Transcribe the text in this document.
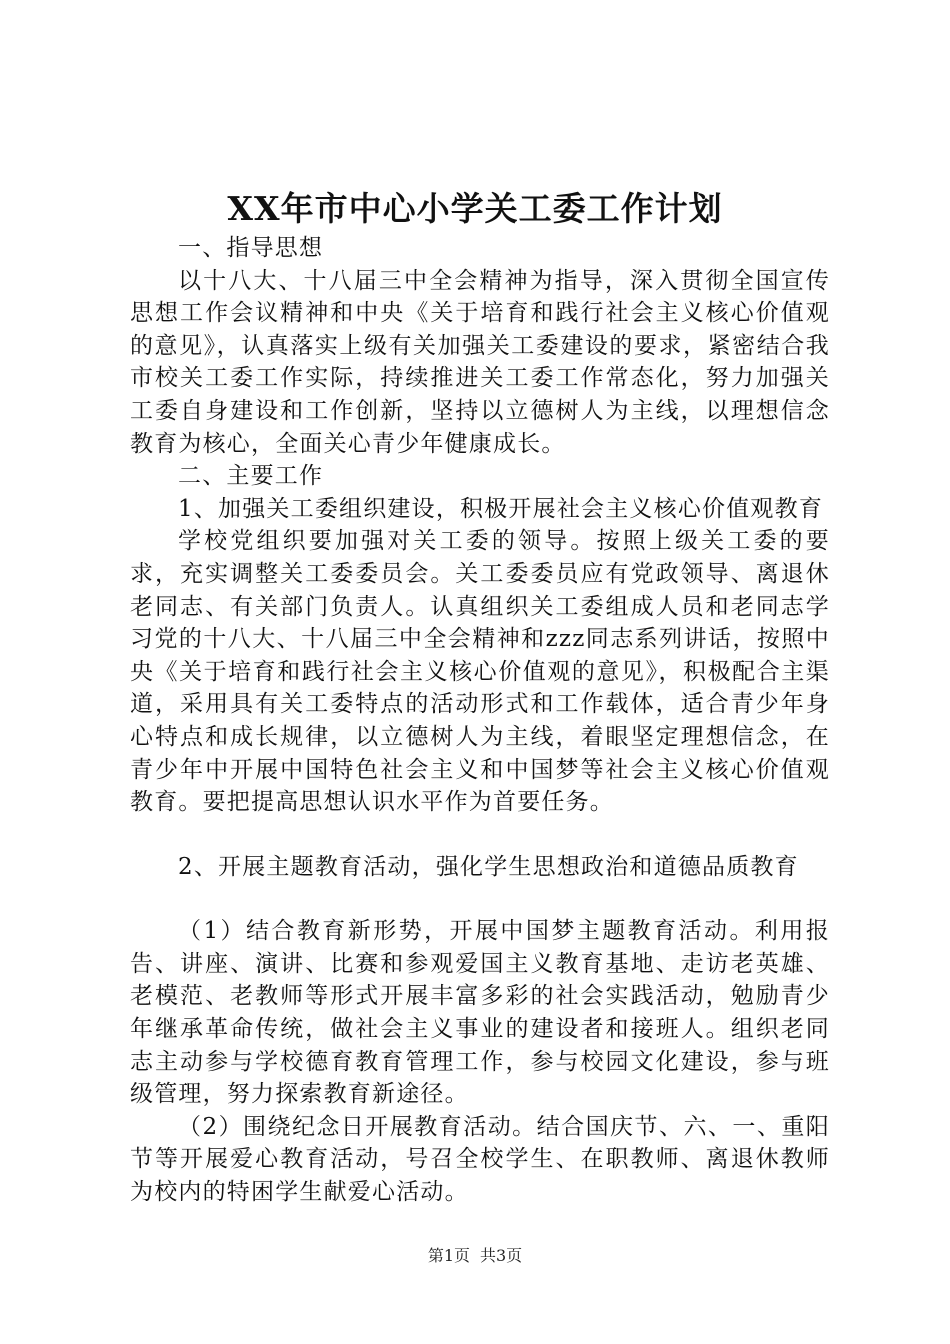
XX年市中心小学关工委工作计划

一、指导思想

以十八大、十八届三中全会精神为指导，深入贯彻全国宣传思想工作会议精神和中央《关于培育和践行社会主义核心价值观的意见》，认真落实上级有关加强关工委建设的要求，紧密结合我市校关工委工作实际，持续推进关工委工作常态化，努力加强关工委自身建设和工作创新，坚持以立德树人为主线，以理想信念教育为核心，全面关心青少年健康成长。

二、主要工作

1、加强关工委组织建设，积极开展社会主义核心价值观教育

学校党组织要加强对关工委的领导。按照上级关工委的要求，充实调整关工委委员会。关工委委员应有党政领导、离退休老同志、有关部门负责人。认真组织关工委组成人员和老同志学习党的十八大、十八届三中全会精神和zzz同志系列讲话，按照中央《关于培育和践行社会主义核心价值观的意见》，积极配合主渠道，采用具有关工委特点的活动形式和工作载体，适合青少年身心特点和成长规律，以立德树人为主线，着眼坚定理想信念，在青少年中开展中国特色社会主义和中国梦等社会主义核心价值观教育。要把提高思想认识水平作为首要任务。

2、开展主题教育活动，强化学生思想政治和道德品质教育

（1）结合教育新形势，开展中国梦主题教育活动。利用报告、讲座、演讲、比赛和参观爱国主义教育基地、走访老英雄、老模范、老教师等形式开展丰富多彩的社会实践活动，勉励青少年继承革命传统，做社会主义事业的建设者和接班人。组织老同志主动参与学校德育教育管理工作，参与校园文化建设，参与班级管理，努力探索教育新途径。

（2）围绕纪念日开展教育活动。结合国庆节、六、一、重阳节等开展爱心教育活动，号召全校学生、在职教师、离退休教师为校内的特困学生献爱心活动。

第1页 共3页
